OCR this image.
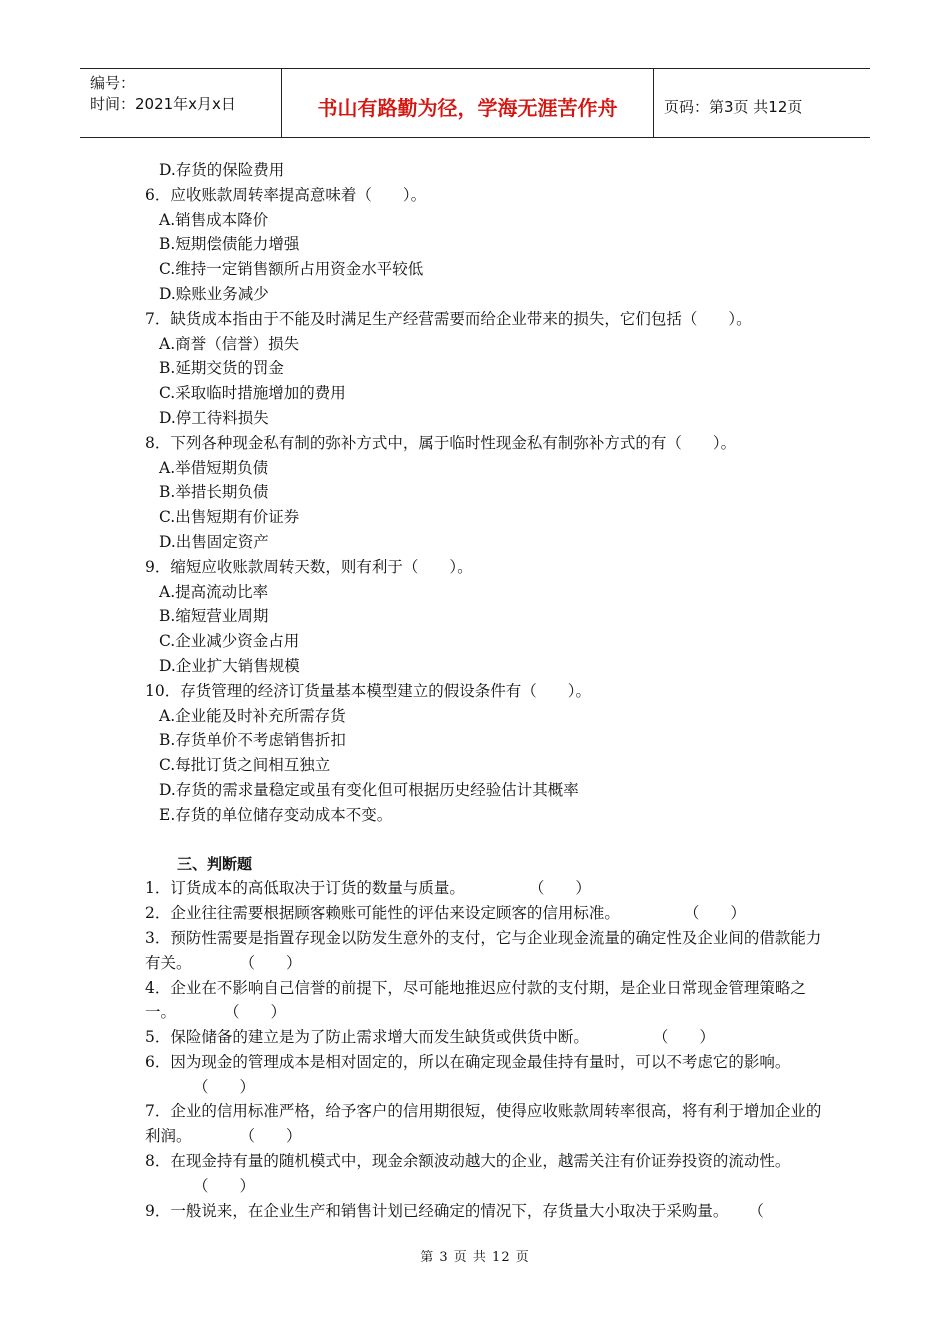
编号：
时间：2021年x月x日	书山有路勤为径，学海无涯苦作舟	页码：第3页 共12页
D.存货的保险费用
6．应收账款周转率提高意味着（　　）。
A.销售成本降价
B.短期偿债能力增强
C.维持一定销售额所占用资金水平较低
D.赊账业务减少
7．缺货成本指由于不能及时满足生产经营需要而给企业带来的损失，它们包括（　　）。
A.商誉（信誉）损失
B.延期交货的罚金
C.采取临时措施增加的费用
D.停工待料损失
8．下列各种现金私有制的弥补方式中，属于临时性现金私有制弥补方式的有（　　）。
A.举借短期负债
B.举措长期负债
C.出售短期有价证券
D.出售固定资产
9．缩短应收账款周转天数，则有利于（　　）。
A.提高流动比率
B.缩短营业周期
C.企业减少资金占用
D.企业扩大销售规模
10．存货管理的经济订货量基本模型建立的假设条件有（　　）。
A.企业能及时补充所需存货
B.存货单价不考虑销售折扣
C.每批订货之间相互独立
D.存货的需求量稳定或虽有变化但可根据历史经验估计其概率
E.存货的单位储存变动成本不变。
三、判断题
1．订货成本的高低取决于订货的数量与质量。	（　　）
2．企业往往需要根据顾客赖账可能性的评估来设定顾客的信用标准。	（　　）
3．预防性需要是指置存现金以防发生意外的支付，它与企业现金流量的确定性及企业间的借款能力有关。	（　　）
4．企业在不影响自己信誉的前提下，尽可能地推迟应付款的支付期，是企业日常现金管理策略之一。	（　　）
5．保险储备的建立是为了防止需求增大而发生缺货或供货中断。	（　　）
6．因为现金的管理成本是相对固定的，所以在确定现金最佳持有量时，可以不考虑它的影响。（　　）
7．企业的信用标准严格，给予客户的信用期很短，使得应收账款周转率很高，将有利于增加企业的利润。	（　　）
8．在现金持有量的随机模式中，现金余额波动越大的企业，越需关注有价证券投资的流动性。（　　）
9．一般说来，在企业生产和销售计划已经确定的情况下，存货量大小取决于采购量。 （
第 3 页 共 12 页
